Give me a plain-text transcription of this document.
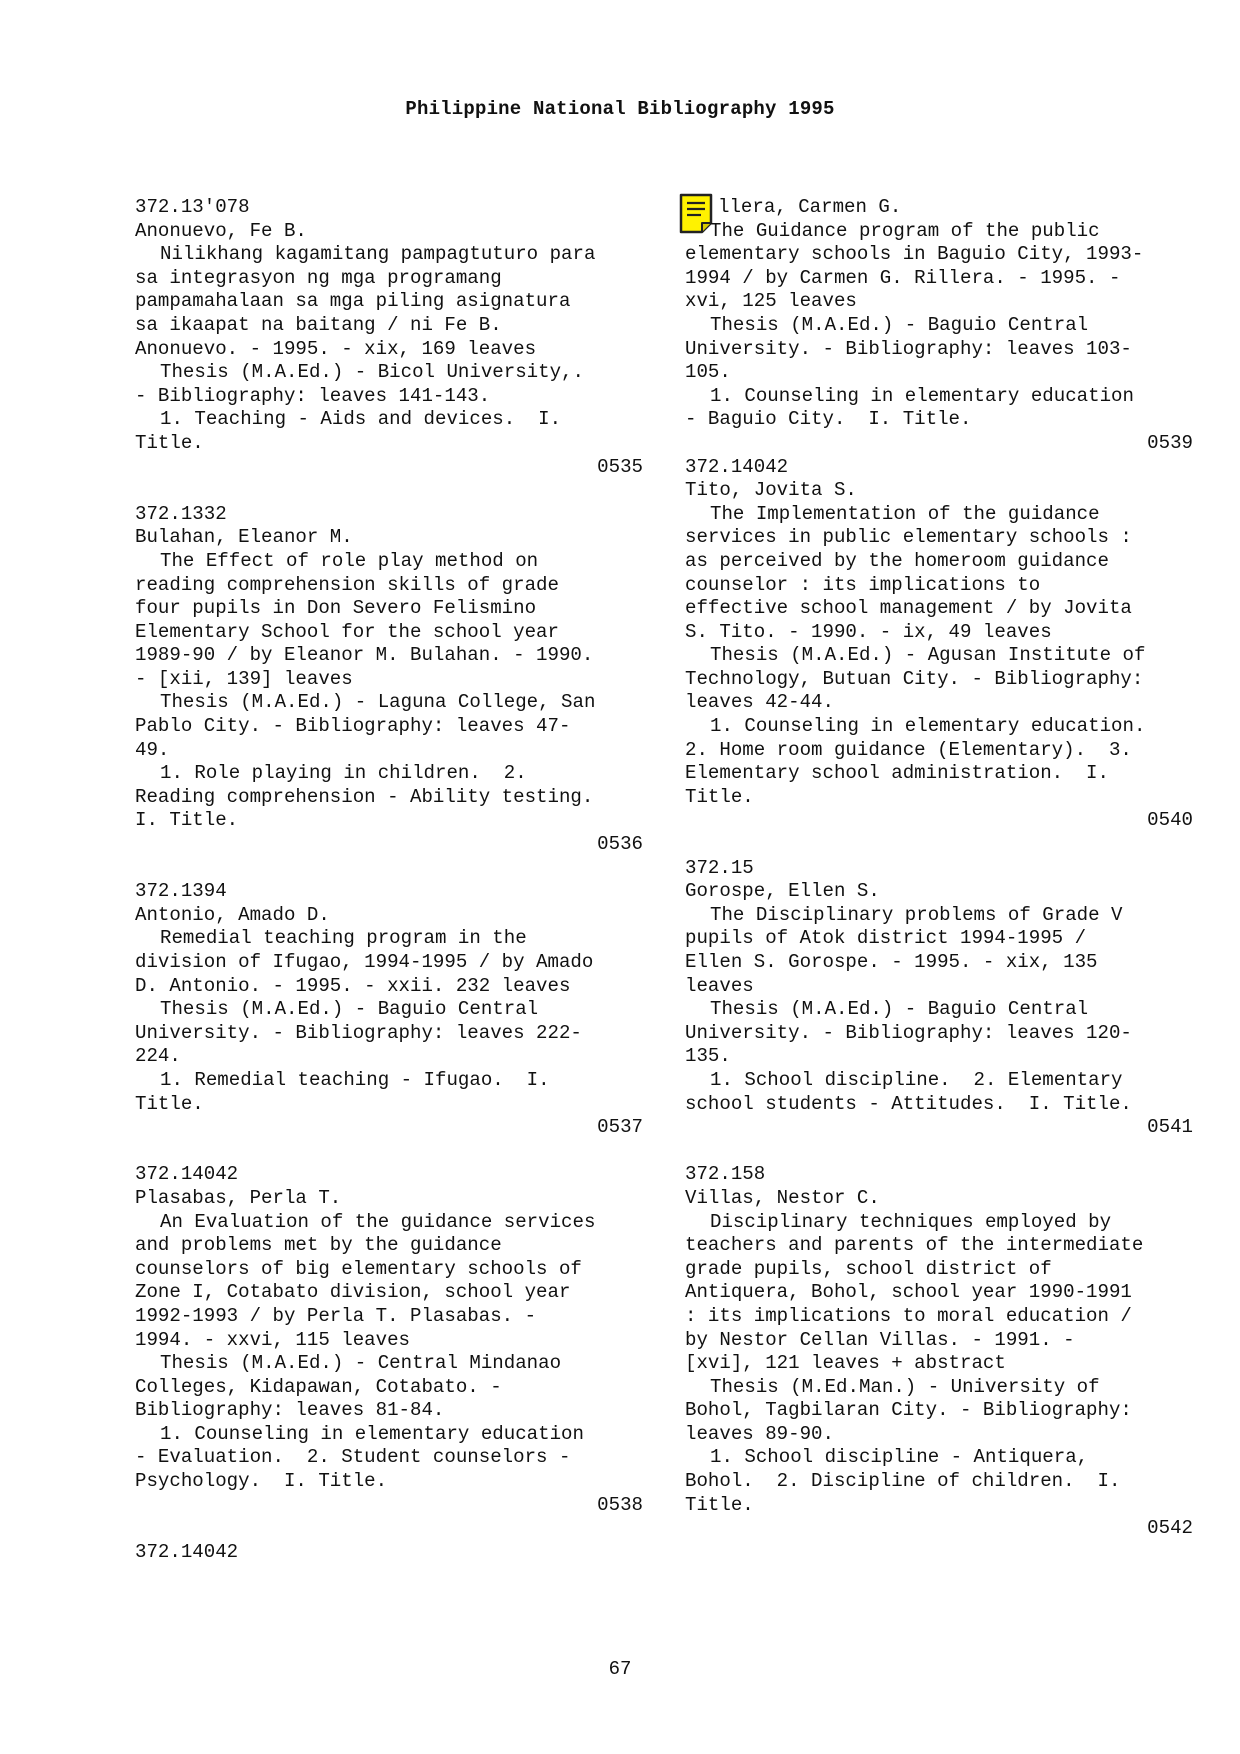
Philippine National Bibliography 1995

372.13'078

Anonuevo, Fe B.

Nilikhang kagamitang pampagtuturo para

sa integrasyon ng mga programang

pampamahalaan sa mga piling asignatura

sa ikaapat na baitang / ni Fe B.

Anonuevo. - 1995. - xix, 169 leaves

Thesis (M.A.Ed.) - Bicol University,.

- Bibliography: leaves 141-143.

1. Teaching - Aids and devices.  I.

Title.

0535

372.1332

Bulahan, Eleanor M.

The Effect of role play method on

reading comprehension skills of grade

four pupils in Don Severo Felismino

Elementary School for the school year

1989-90 / by Eleanor M. Bulahan. - 1990.

- [xii, 139] leaves

Thesis (M.A.Ed.) - Laguna College, San

Pablo City. - Bibliography: leaves 47-

49.

1. Role playing in children.  2.

Reading comprehension - Ability testing.

I. Title.

0536

372.1394

Antonio, Amado D.

Remedial teaching program in the

division of Ifugao, 1994-1995 / by Amado

D. Antonio. - 1995. - xxii. 232 leaves

Thesis (M.A.Ed.) - Baguio Central

University. - Bibliography: leaves 222-

224.

1. Remedial teaching - Ifugao.  I.

Title.

0537

372.14042

Plasabas, Perla T.

An Evaluation of the guidance services

and problems met by the guidance

counselors of big elementary schools of

Zone I, Cotabato division, school year

1992-1993 / by Perla T. Plasabas. -

1994. - xxvi, 115 leaves

Thesis (M.A.Ed.) - Central Mindanao

Colleges, Kidapawan, Cotabato. -

Bibliography: leaves 81-84.

1. Counseling in elementary education

- Evaluation.  2. Student counselors -

Psychology.  I. Title.

0538

372.14042

llera, Carmen G.

The Guidance program of the public

elementary schools in Baguio City, 1993-

1994 / by Carmen G. Rillera. - 1995. -

xvi, 125 leaves

Thesis (M.A.Ed.) - Baguio Central

University. - Bibliography: leaves 103-

105.

1. Counseling in elementary education

- Baguio City.  I. Title.

0539

372.14042

Tito, Jovita S.

The Implementation of the guidance

services in public elementary schools :

as perceived by the homeroom guidance

counselor : its implications to

effective school management / by Jovita

S. Tito. - 1990. - ix, 49 leaves

Thesis (M.A.Ed.) - Agusan Institute of

Technology, Butuan City. - Bibliography:

leaves 42-44.

1. Counseling in elementary education.

2. Home room guidance (Elementary).  3.

Elementary school administration.  I.

Title.

0540

372.15

Gorospe, Ellen S.

The Disciplinary problems of Grade V

pupils of Atok district 1994-1995 /

Ellen S. Gorospe. - 1995. - xix, 135

leaves

Thesis (M.A.Ed.) - Baguio Central

University. - Bibliography: leaves 120-

135.

1. School discipline.  2. Elementary

school students - Attitudes.  I. Title.

0541

372.158

Villas, Nestor C.

Disciplinary techniques employed by

teachers and parents of the intermediate

grade pupils, school district of

Antiquera, Bohol, school year 1990-1991

: its implications to moral education /

by Nestor Cellan Villas. - 1991. -

[xvi], 121 leaves + abstract

Thesis (M.Ed.Man.) - University of

Bohol, Tagbilaran City. - Bibliography:

leaves 89-90.

1. School discipline - Antiquera,

Bohol.  2. Discipline of children.  I.

Title.

0542

67
